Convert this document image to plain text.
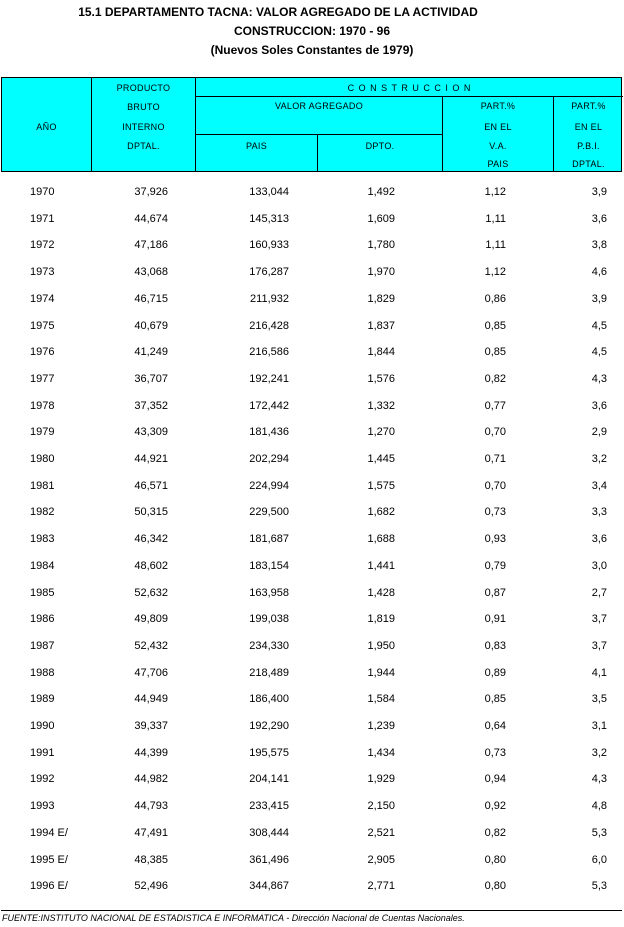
15.1 DEPARTAMENTO TACNA: VALOR AGREGADO DE LA ACTIVIDAD
CONSTRUCCION: 1970 - 96
(Nuevos Soles Constantes de 1979)
AÑO
PRODUCTO
BRUTO
INTERNO
DPTAL.
C O N S T R U C C I O N
VALOR AGREGADO
PAIS	DPTO.
PART.%
EN EL
V.A.
PAIS
PART.%
EN EL
P.B.I.
DPTAL.
1970	37,926	133,044	1,492	1,12	3,9
1971	44,674	145,313	1,609	1,11	3,6
1972	47,186	160,933	1,780	1,11	3,8
1973	43,068	176,287	1,970	1,12	4,6
1974	46,715	211,932	1,829	0,86	3,9
1975	40,679	216,428	1,837	0,85	4,5
1976	41,249	216,586	1,844	0,85	4,5
1977	36,707	192,241	1,576	0,82	4,3
1978	37,352	172,442	1,332	0,77	3,6
1979	43,309	181,436	1,270	0,70	2,9
1980	44,921	202,294	1,445	0,71	3,2
1981	46,571	224,994	1,575	0,70	3,4
1982	50,315	229,500	1,682	0,73	3,3
1983	46,342	181,687	1,688	0,93	3,6
1984	48,602	183,154	1,441	0,79	3,0
1985	52,632	163,958	1,428	0,87	2,7
1986	49,809	199,038	1,819	0,91	3,7
1987	52,432	234,330	1,950	0,83	3,7
1988	47,706	218,489	1,944	0,89	4,1
1989	44,949	186,400	1,584	0,85	3,5
1990	39,337	192,290	1,239	0,64	3,1
1991	44,399	195,575	1,434	0,73	3,2
1992	44,982	204,141	1,929	0,94	4,3
1993	44,793	233,415	2,150	0,92	4,8
1994 E/	47,491	308,444	2,521	0,82	5,3
1995 E/	48,385	361,496	2,905	0,80	6,0
1996 E/	52,496	344,867	2,771	0,80	5,3
FUENTE:INSTITUTO NACIONAL DE ESTADISTICA E INFORMATICA - Dirección Nacional de Cuentas Nacionales.
